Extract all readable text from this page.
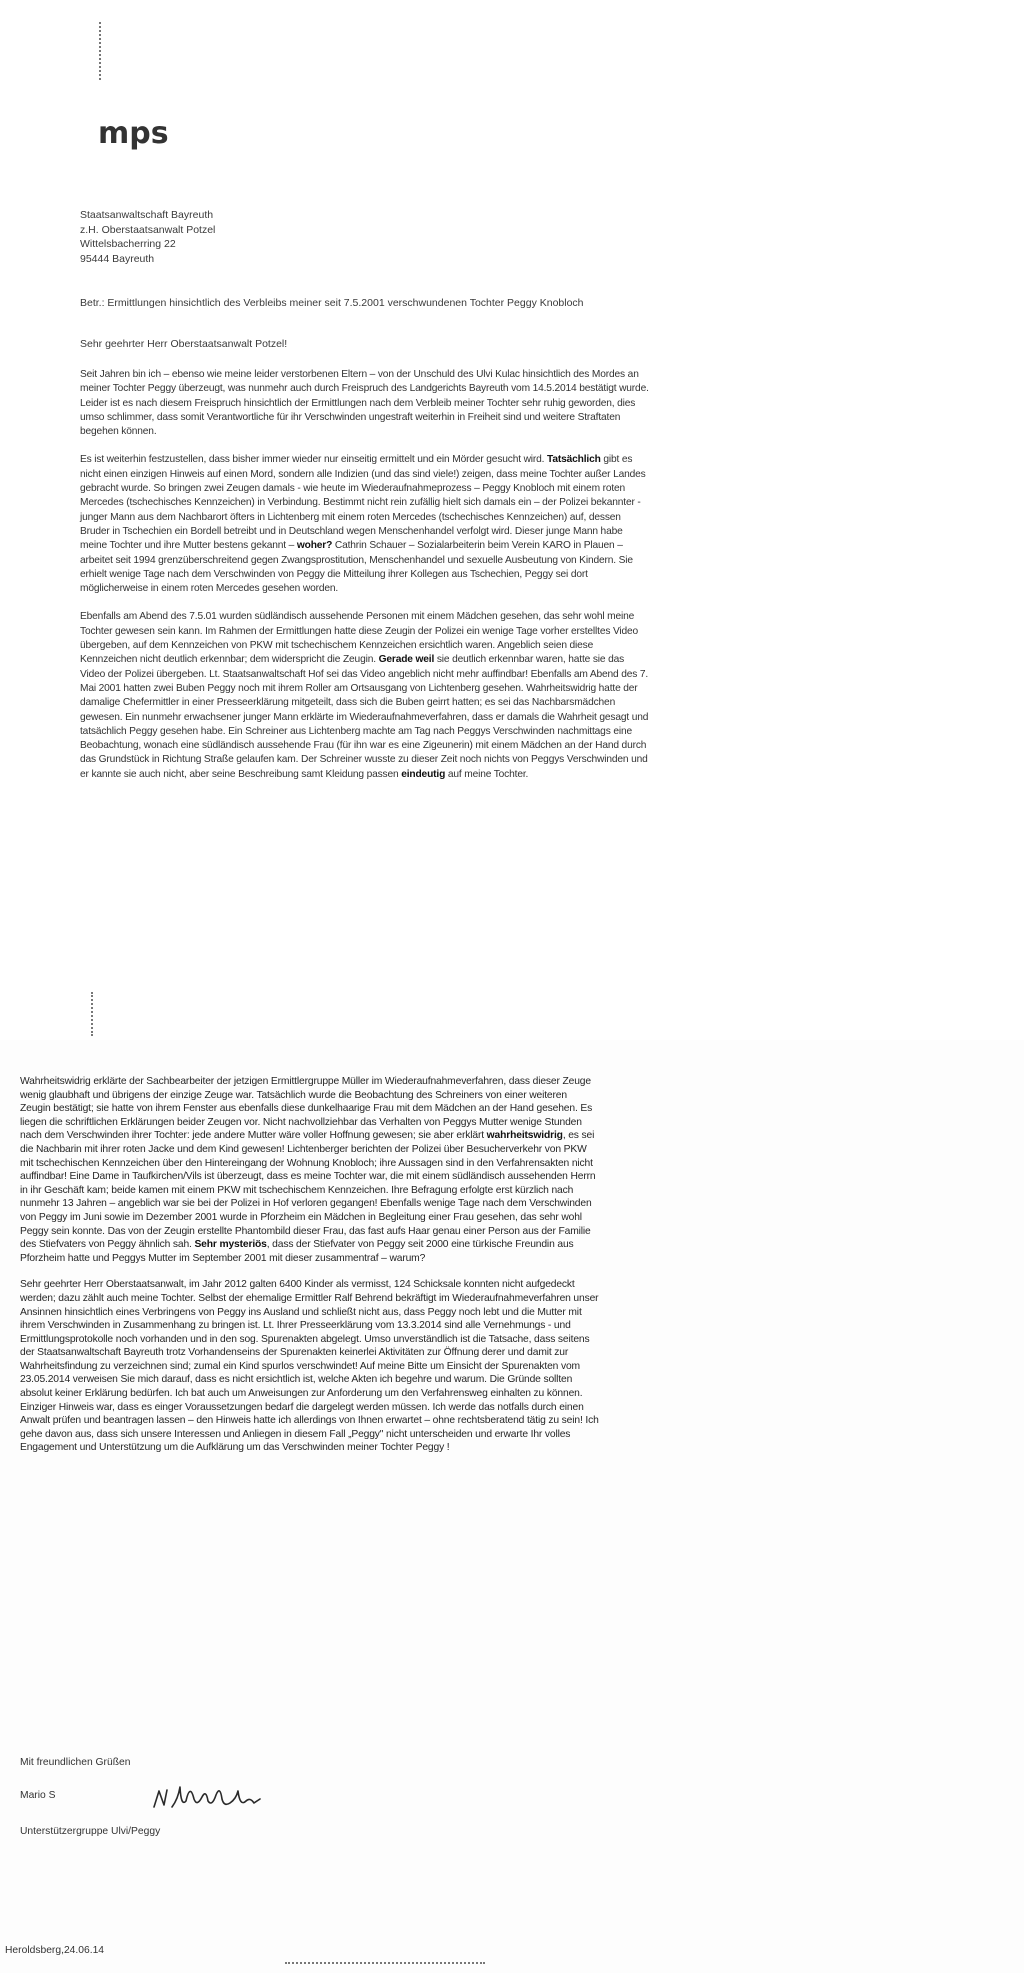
mps
Staatsanwaltschaft Bayreuth
z.H. Oberstaatsanwalt Potzel
Wittelsbacherring 22
95444 Bayreuth
Betr.: Ermittlungen hinsichtlich des Verbleibs meiner seit 7.5.2001 verschwundenen Tochter Peggy Knobloch
Sehr geehrter Herr Oberstaatsanwalt Potzel!

Seit Jahren bin ich – ebenso wie meine leider verstorbenen Eltern – von der Unschuld des Ulvi Kulac hinsichtlich des Mordes an meiner Tochter Peggy überzeugt, was nunmehr auch durch Freispruch des Landgerichts Bayreuth vom 14.5.2014 bestätigt wurde. Leider ist es nach diesem Freispruch hinsichtlich der Ermittlungen nach dem Verbleib meiner Tochter sehr ruhig geworden, dies umso schlimmer, dass somit Verantwortliche für ihr Verschwinden ungestraft weiterhin in Freiheit sind und weitere Straftaten begehen können.

Es ist weiterhin festzustellen, dass bisher immer wieder nur einseitig ermittelt und ein Mörder gesucht wird. Tatsächlich gibt es nicht einen einzigen Hinweis auf einen Mord, sondern alle Indizien (und das sind viele!) zeigen, dass meine Tochter außer Landes gebracht wurde. So bringen zwei Zeugen damals - wie heute im Wiederaufnahmeprozess – Peggy Knobloch mit einem roten Mercedes (tschechisches Kennzeichen) in Verbindung. Bestimmt nicht rein zufällig hielt sich damals ein – der Polizei bekannter - junger Mann aus dem Nachbarort öfters in Lichtenberg mit einem roten Mercedes (tschechisches Kennzeichen) auf, dessen Bruder in Tschechien ein Bordell betreibt und in Deutschland wegen Menschenhandel verfolgt wird. Dieser junge Mann habe meine Tochter und ihre Mutter bestens gekannt – woher? Cathrin Schauer – Sozialarbeiterin beim Verein KARO in Plauen – arbeitet seit 1994 grenzüberschreitend gegen Zwangsprostitution, Menschenhandel und sexuelle Ausbeutung von Kindern. Sie erhielt wenige Tage nach dem Verschwinden von Peggy die Mitteilung ihrer Kollegen aus Tschechien, Peggy sei dort möglicherweise in einem roten Mercedes gesehen worden.

Ebenfalls am Abend des 7.5.01 wurden südländisch aussehende Personen mit einem Mädchen gesehen, das sehr wohl meine Tochter gewesen sein kann. Im Rahmen der Ermittlungen hatte diese Zeugin der Polizei ein wenige Tage vorher erstelltes Video übergeben, auf dem Kennzeichen von PKW mit tschechischem Kennzeichen ersichtlich waren. Angeblich seien diese Kennzeichen nicht deutlich erkennbar; dem widerspricht die Zeugin. Gerade weil sie deutlich erkennbar waren, hatte sie das Video der Polizei übergeben. Lt. Staatsanwaltschaft Hof sei das Video angeblich nicht mehr auffindbar! Ebenfalls am Abend des 7. Mai 2001 hatten zwei Buben Peggy noch mit ihrem Roller am Ortsausgang von Lichtenberg gesehen. Wahrheitswidrig hatte der damalige Chefermittler in einer Presseerklärung mitgeteilt, dass sich die Buben geirrt hatten; es sei das Nachbarsmädchen gewesen. Ein nunmehr erwachsener junger Mann erklärte im Wiederaufnahmeverfahren, dass er damals die Wahrheit gesagt und tatsächlich Peggy gesehen habe. Ein Schreiner aus Lichtenberg machte am Tag nach Peggys Verschwinden nachmittags eine Beobachtung, wonach eine südländisch aussehende Frau (für ihn war es eine Zigeunerin) mit einem Mädchen an der Hand durch das Grundstück in Richtung Straße gelaufen kam. Der Schreiner wusste zu dieser Zeit noch nichts von Peggys Verschwinden und er kannte sie auch nicht, aber seine Beschreibung samt Kleidung passen eindeutig auf meine Tochter.

Wahrheitswidrig erklärte der Sachbearbeiter der jetzigen Ermittlergruppe Müller im Wiederaufnahmeverfahren, dass dieser Zeuge wenig glaubhaft und übrigens der einzige Zeuge war. Tatsächlich wurde die Beobachtung des Schreiners von einer weiteren Zeugin bestätigt; sie hatte von ihrem Fenster aus ebenfalls diese dunkelhaarige Frau mit dem Mädchen an der Hand gesehen. Es liegen die schriftlichen Erklärungen beider Zeugen vor. Nicht nachvollziehbar das Verhalten von Peggys Mutter wenige Stunden nach dem Verschwinden ihrer Tochter: jede andere Mutter wäre voller Hoffnung gewesen; sie aber erklärt wahrheitswidrig, es sei die Nachbarin mit ihrer roten Jacke und dem Kind gewesen! Lichtenberger berichten der Polizei über Besucherverkehr von PKW mit tschechischen Kennzeichen über den Hintereingang der Wohnung Knobloch; ihre Aussagen sind in den Verfahrensakten nicht auffindbar! Eine Dame in Taufkirchen/Vils ist überzeugt, dass es meine Tochter war, die mit einem südländisch aussehenden Herrn in ihr Geschäft kam; beide kamen mit einem PKW mit tschechischem Kennzeichen. Ihre Befragung erfolgte erst kürzlich nach nunmehr 13 Jahren – angeblich war sie bei der Polizei in Hof verloren gegangen! Ebenfalls wenige Tage nach dem Verschwinden von Peggy im Juni sowie im Dezember 2001 wurde in Pforzheim ein Mädchen in Begleitung einer Frau gesehen, das sehr wohl Peggy sein konnte. Das von der Zeugin erstellte Phantombild dieser Frau, das fast aufs Haar genau einer Person aus der Familie des Stiefvaters von Peggy ähnlich sah. Sehr mysteriös, dass der Stiefvater von Peggy seit 2000 eine türkische Freundin aus Pforzheim hatte und Peggys Mutter im September 2001 mit dieser zusammentraf – warum?

Sehr geehrter Herr Oberstaatsanwalt, im Jahr 2012 galten 6400 Kinder als vermisst, 124 Schicksale konnten nicht aufgedeckt werden; dazu zählt auch meine Tochter. Selbst der ehemalige Ermittler Ralf Behrend bekräftigt im Wiederaufnahmeverfahren unser Ansinnen hinsichtlich eines Verbringens von Peggy ins Ausland und schließt nicht aus, dass Peggy noch lebt und die Mutter mit ihrem Verschwinden in Zusammenhang zu bringen ist. Lt. Ihrer Presseerklärung vom 13.3.2014 sind alle Vernehmungs - und Ermittlungsprotokolle noch vorhanden und in den sog. Spurenakten abgelegt. Umso unverständlich ist die Tatsache, dass seitens der Staatsanwaltschaft Bayreuth trotz Vorhandenseins der Spurenakten keinerlei Aktivitäten zur Öffnung derer und damit zur Wahrheitsfindung zu verzeichnen sind; zumal ein Kind spurlos verschwindet! Auf meine Bitte um Einsicht der Spurenakten vom 23.05.2014 verweisen Sie mich darauf, dass es nicht ersichtlich ist, welche Akten ich begehre und warum. Die Gründe sollten absolut keiner Erklärung bedürfen. Ich bat auch um Anweisungen zur Anforderung um den Verfahrensweg einhalten zu können. Einziger Hinweis war, dass es einger Voraussetzungen bedarf die dargelegt werden müssen. Ich werde das notfalls durch einen Anwalt prüfen und beantragen lassen – den Hinweis hatte ich allerdings von Ihnen erwartet – ohne rechtsberatend tätig zu sein! Ich gehe davon aus, dass sich unsere Interessen und Anliegen in diesem Fall „Peggy" nicht unterscheiden und erwarte Ihr volles Engagement und Unterstützung um die Aufklärung um das Verschwinden meiner Tochter Peggy !

Mit freundlichen Grüßen
Mario S
Unterstützergruppe Ulvi/Peggy
Heroldsberg,24.06.14
